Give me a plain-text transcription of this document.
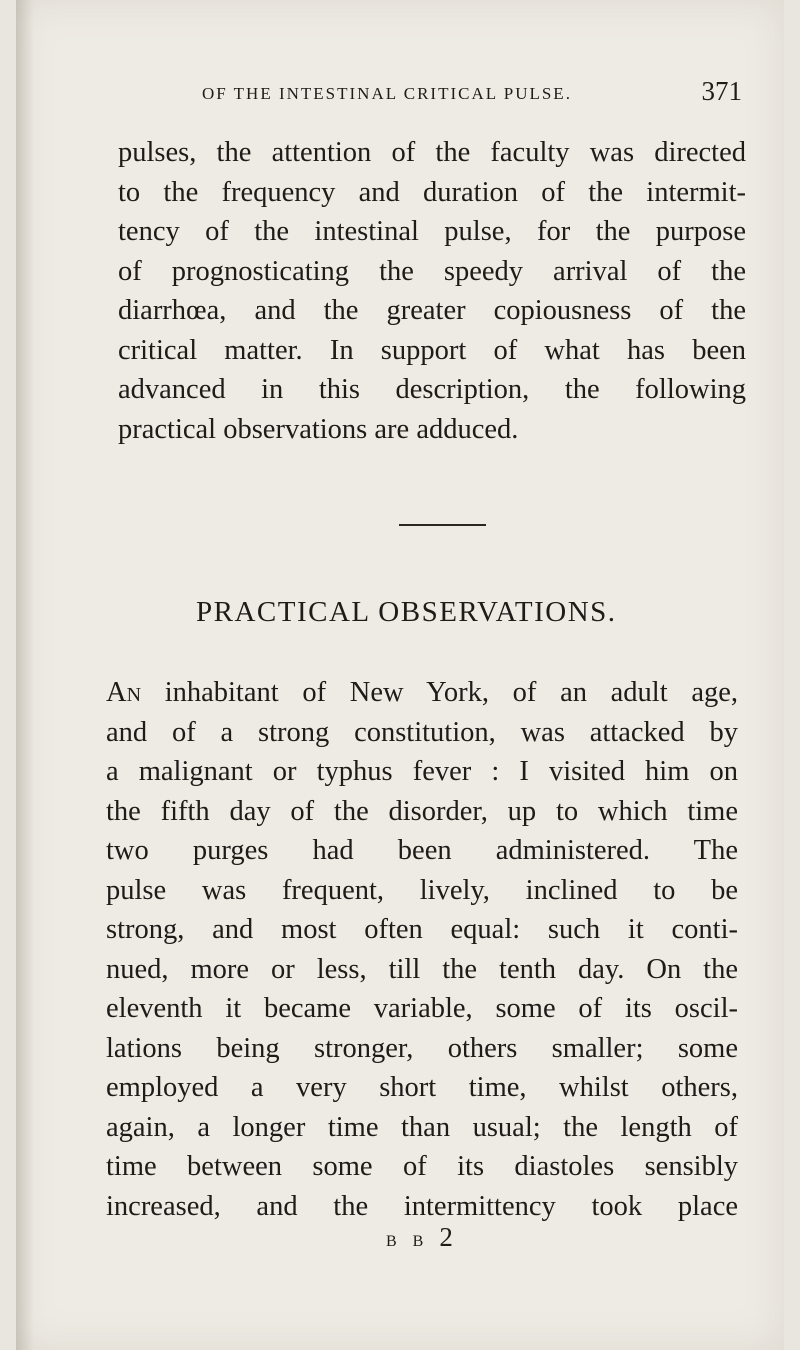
OF THE INTESTINAL CRITICAL PULSE.	371
pulses, the attention of the faculty was directed
to the frequency and duration of the intermit-
tency of the intestinal pulse, for the purpose
of prognosticating the speedy arrival of the
diarrhœa, and the greater copiousness of the
critical matter. In support of what has been
advanced in this description, the following
practical observations are adduced.
PRACTICAL OBSERVATIONS.
An inhabitant of New York, of an adult age,
and of a strong constitution, was attacked by
a malignant or typhus fever : I visited him on
the fifth day of the disorder, up to which time
two purges had been administered. The
pulse was frequent, lively, inclined to be
strong, and most often equal: such it conti-
nued, more or less, till the tenth day. On the
eleventh it became variable, some of its oscil-
lations being stronger, others smaller; some
employed a very short time, whilst others,
again, a longer time than usual; the length of
time between some of its diastoles sensibly
increased, and the intermittency took place
B B 2
